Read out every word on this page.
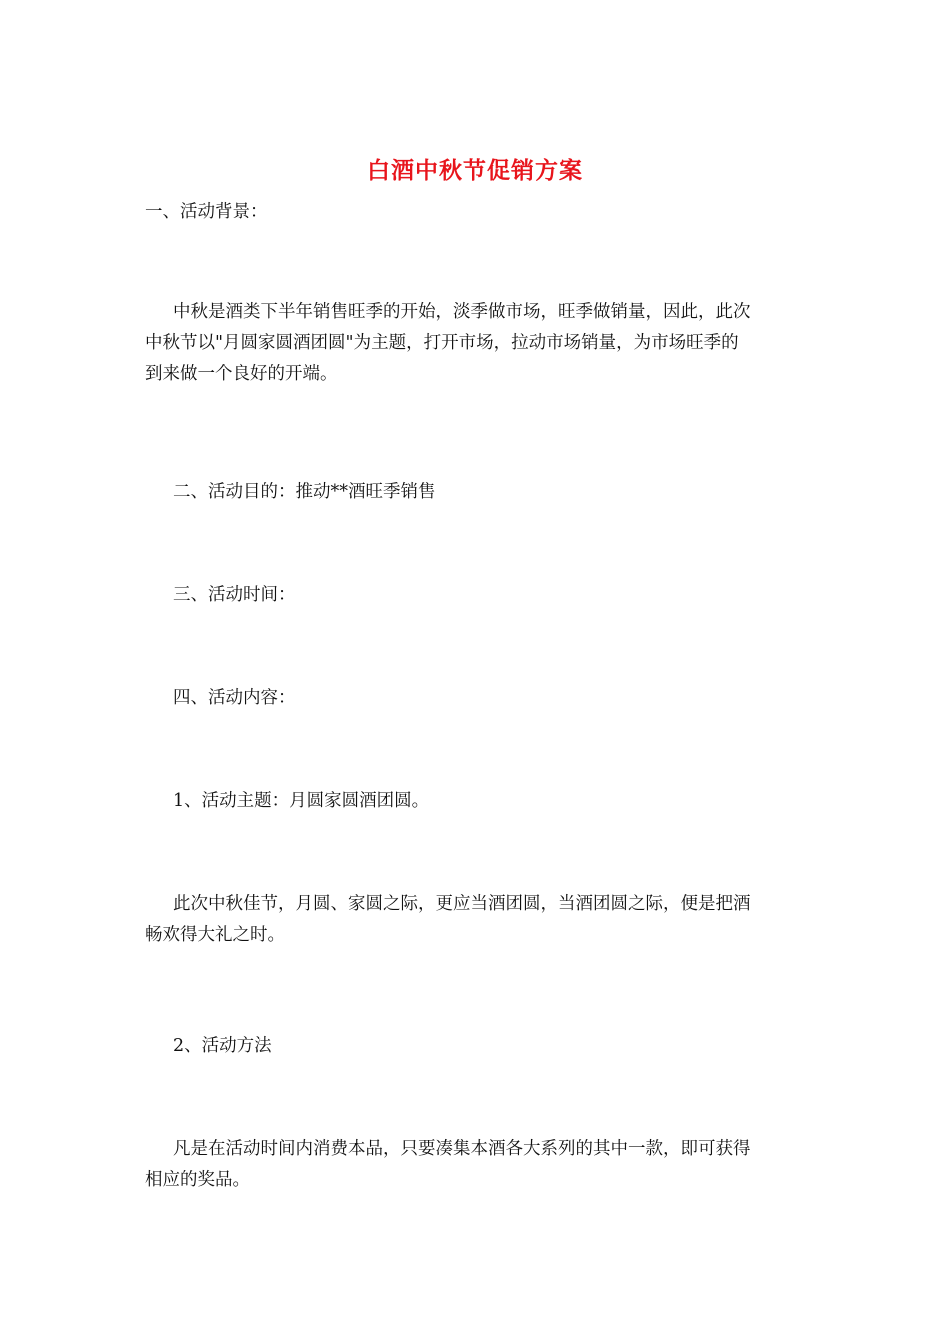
白酒中秋节促销方案

一、活动背景：

中秋是酒类下半年销售旺季的开始，淡季做市场，旺季做销量，因此，此次
中秋节以"月圆家圆酒团圆"为主题，打开市场，拉动市场销量，为市场旺季的
到来做一个良好的开端。

二、活动目的：推动**酒旺季销售

三、活动时间：

四、活动内容：

1、活动主题：月圆家圆酒团圆。

此次中秋佳节，月圆、家圆之际，更应当酒团圆，当酒团圆之际，便是把酒
畅欢得大礼之时。

2、活动方法

凡是在活动时间内消费本品，只要凑集本酒各大系列的其中一款，即可获得
相应的奖品。
